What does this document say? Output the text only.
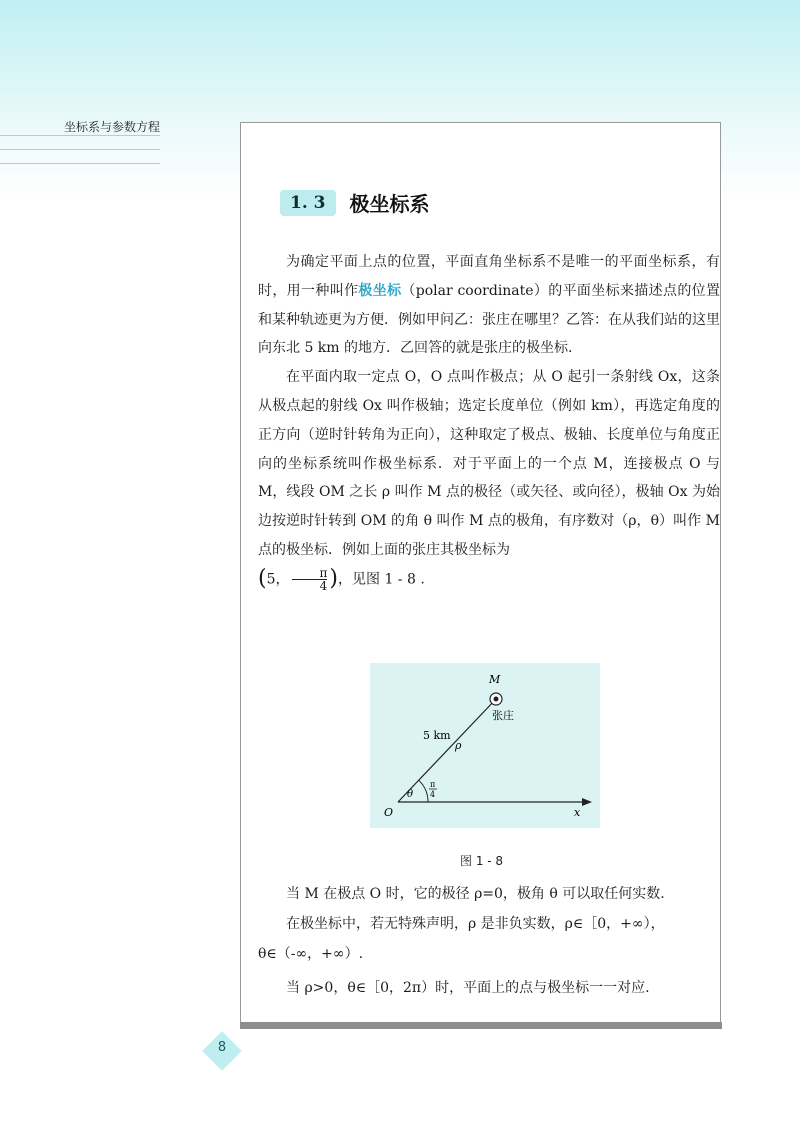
坐标系与参数方程
1. 3	极坐标系

为确定平面上点的位置，平面直角坐标系不是唯一的平面坐标系，有时，用一种叫作极坐标（polar coordinate）的平面坐标来描述点的位置和某种轨迹更为方便．例如甲问乙：张庄在哪里？乙答：在从我们站的这里向东北 5 km 的地方．乙回答的就是张庄的极坐标.

在平面内取一定点 O，O 点叫作极点；从 O 起引一条射线 Ox，这条从极点起的射线 Ox 叫作极轴；选定长度单位（例如 km），再选定角度的正方向（逆时针转角为正向），这种取定了极点、极轴、长度单位与角度正向的坐标系统叫作极坐标系．对于平面上的一个点 M，连接极点 O 与 M，线段 OM 之长 ρ 叫作 M 点的极径（或矢径、或向径），极轴 Ox 为始边按逆时针转到 OM 的角 θ 叫作 M 点的极角，有序数对（ρ，θ）叫作 M 点的极坐标．例如上面的张庄其极坐标为
(5， $\frac{\pi}{4}$ )，见图 1 - 8 .

M
张庄
5 km
ρ
θ
π
4
O	x
图 1 - 8
当 M 在极点 O 时，它的极径 ρ=0，极角 θ 可以取任何实数.
在极坐标中，若无特殊声明，ρ 是非负实数，ρ∈［0，+∞），
θ∈（-∞，+∞）.
当 ρ>0，θ∈［0，2π）时，平面上的点与极坐标一一对应.
8
